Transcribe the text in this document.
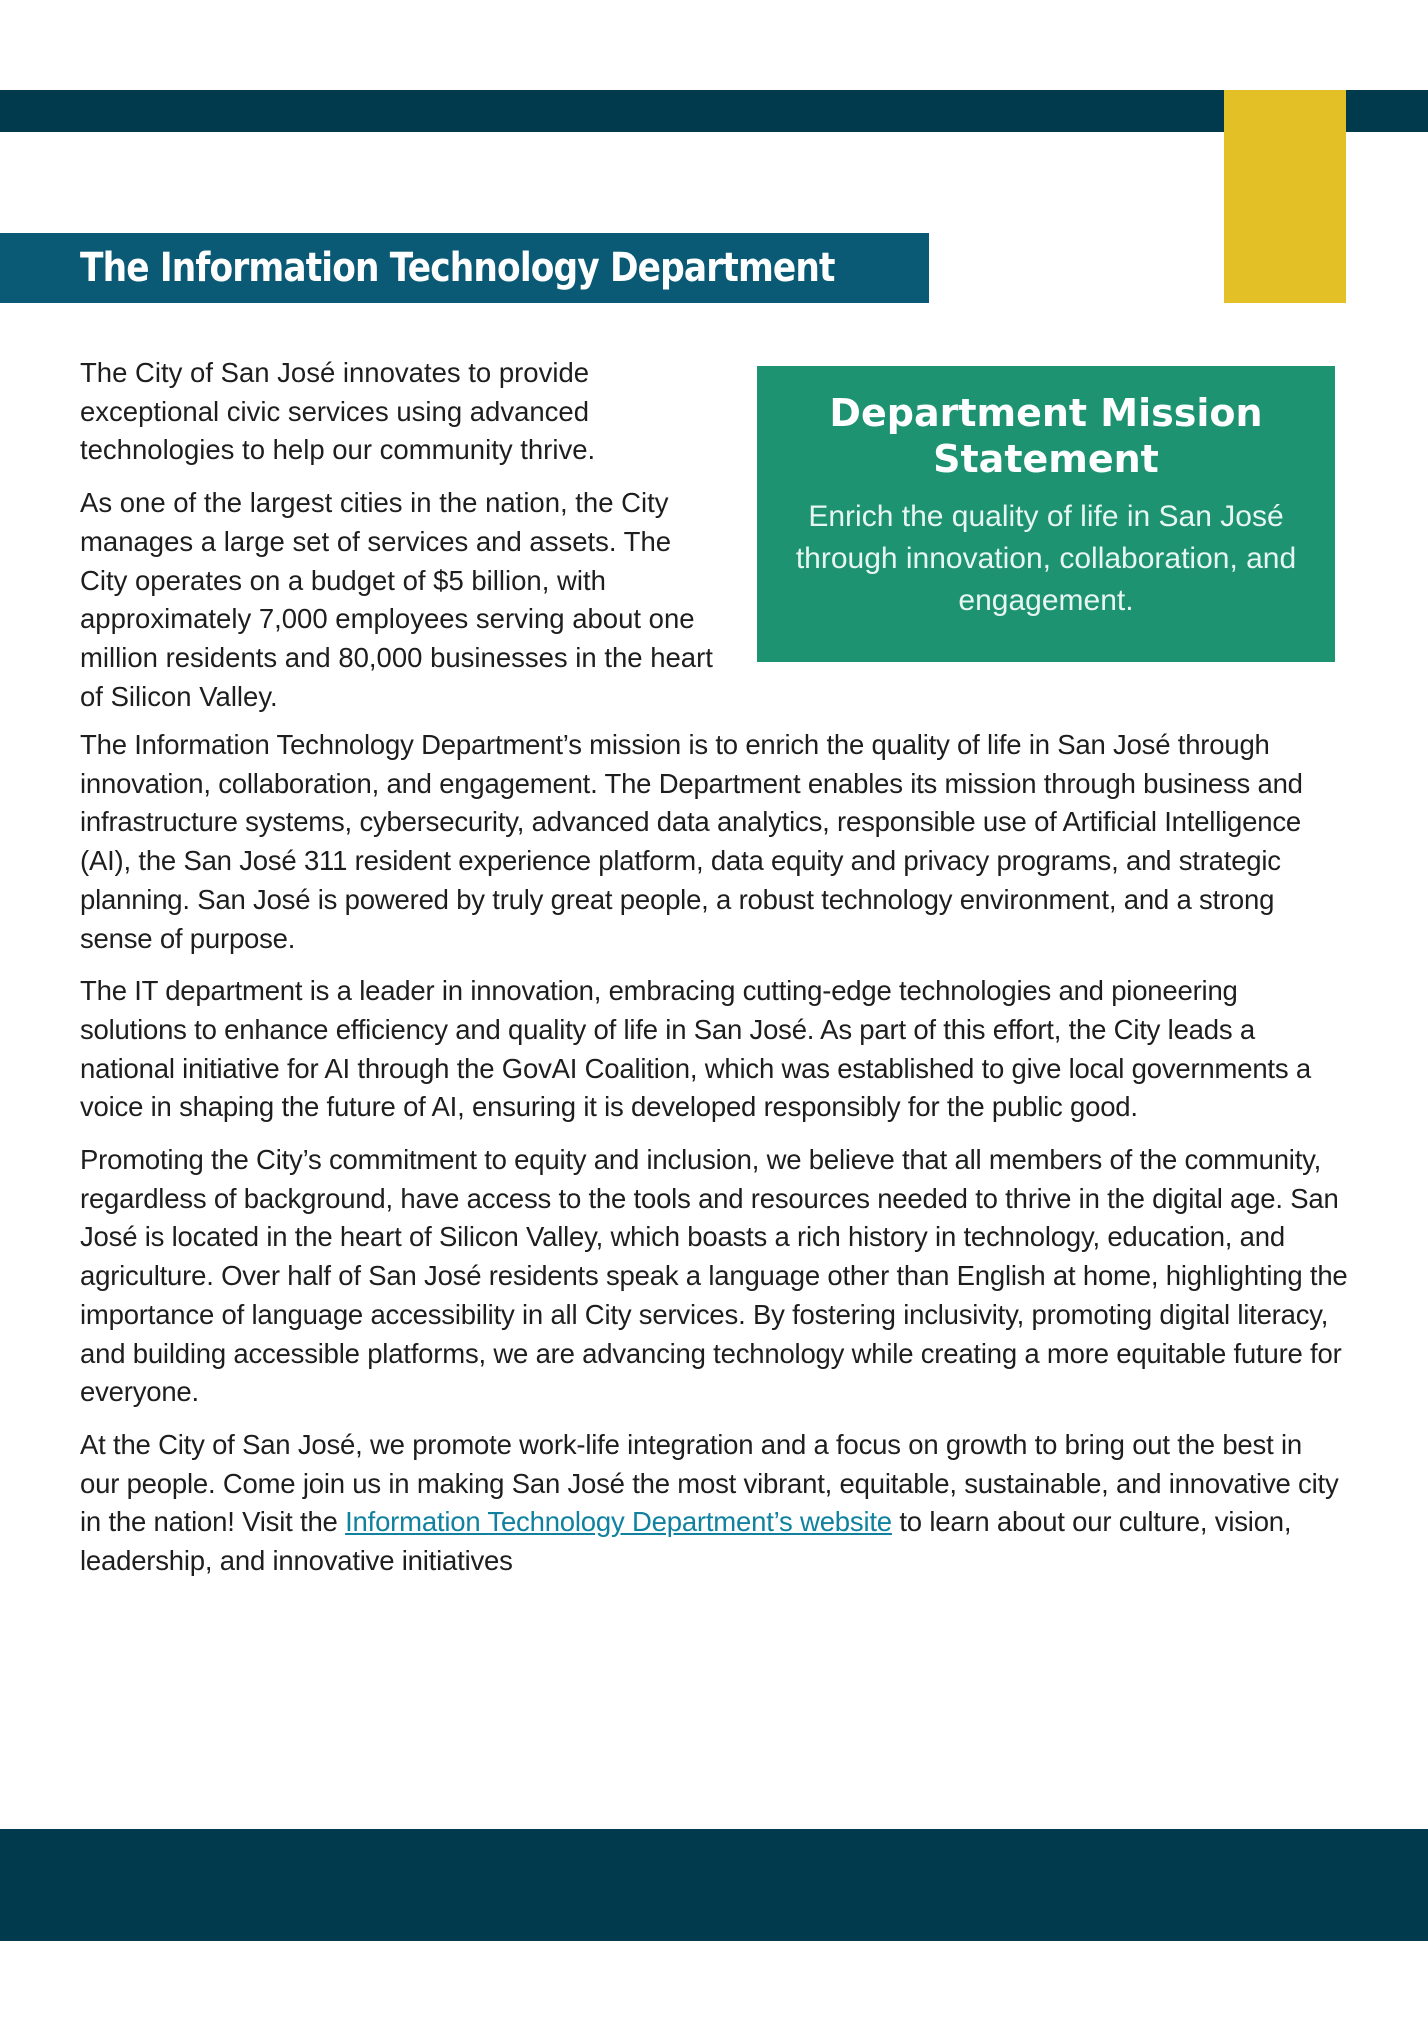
The Information Technology Department
Department Mission Statement

Enrich the quality of life in San José through innovation, collaboration, and engagement.

The City of San José innovates to provide exceptional civic services using advanced technologies to help our community thrive.

As one of the largest cities in the nation, the City manages a large set of services and assets. The City operates on a budget of $5 billion, with approximately 7,000 employees serving about one million residents and 80,000 businesses in the heart of Silicon Valley.

The Information Technology Department’s mission is to enrich the quality of life in San José through innovation, collaboration, and engagement. The Department enables its mission through business and infrastructure systems, cybersecurity, advanced data analytics, responsible use of Artificial Intelligence (AI), the San José 311 resident experience platform, data equity and privacy programs, and strategic planning. San José is powered by truly great people, a robust technology environment, and a strong sense of purpose.

The IT department is a leader in innovation, embracing cutting-edge technologies and pioneering solutions to enhance efficiency and quality of life in San José. As part of this effort, the City leads a national initiative for AI through the GovAI Coalition, which was established to give local governments a voice in shaping the future of AI, ensuring it is developed responsibly for the public good.

Promoting the City’s commitment to equity and inclusion, we believe that all members of the community, regardless of background, have access to the tools and resources needed to thrive in the digital age. San José is located in the heart of Silicon Valley, which boasts a rich history in technology, education, and agriculture. Over half of San José residents speak a language other than English at home, highlighting the importance of language accessibility in all City services. By fostering inclusivity, promoting digital literacy, and building accessible platforms, we are advancing technology while creating a more equitable future for everyone.

At the City of San José, we promote work-life integration and a focus on growth to bring out the best in our people. Come join us in making San José the most vibrant, equitable, sustainable, and innovative city in the nation! Visit the Information Technology Department’s website to learn about our culture, vision, leadership, and innovative initiatives
